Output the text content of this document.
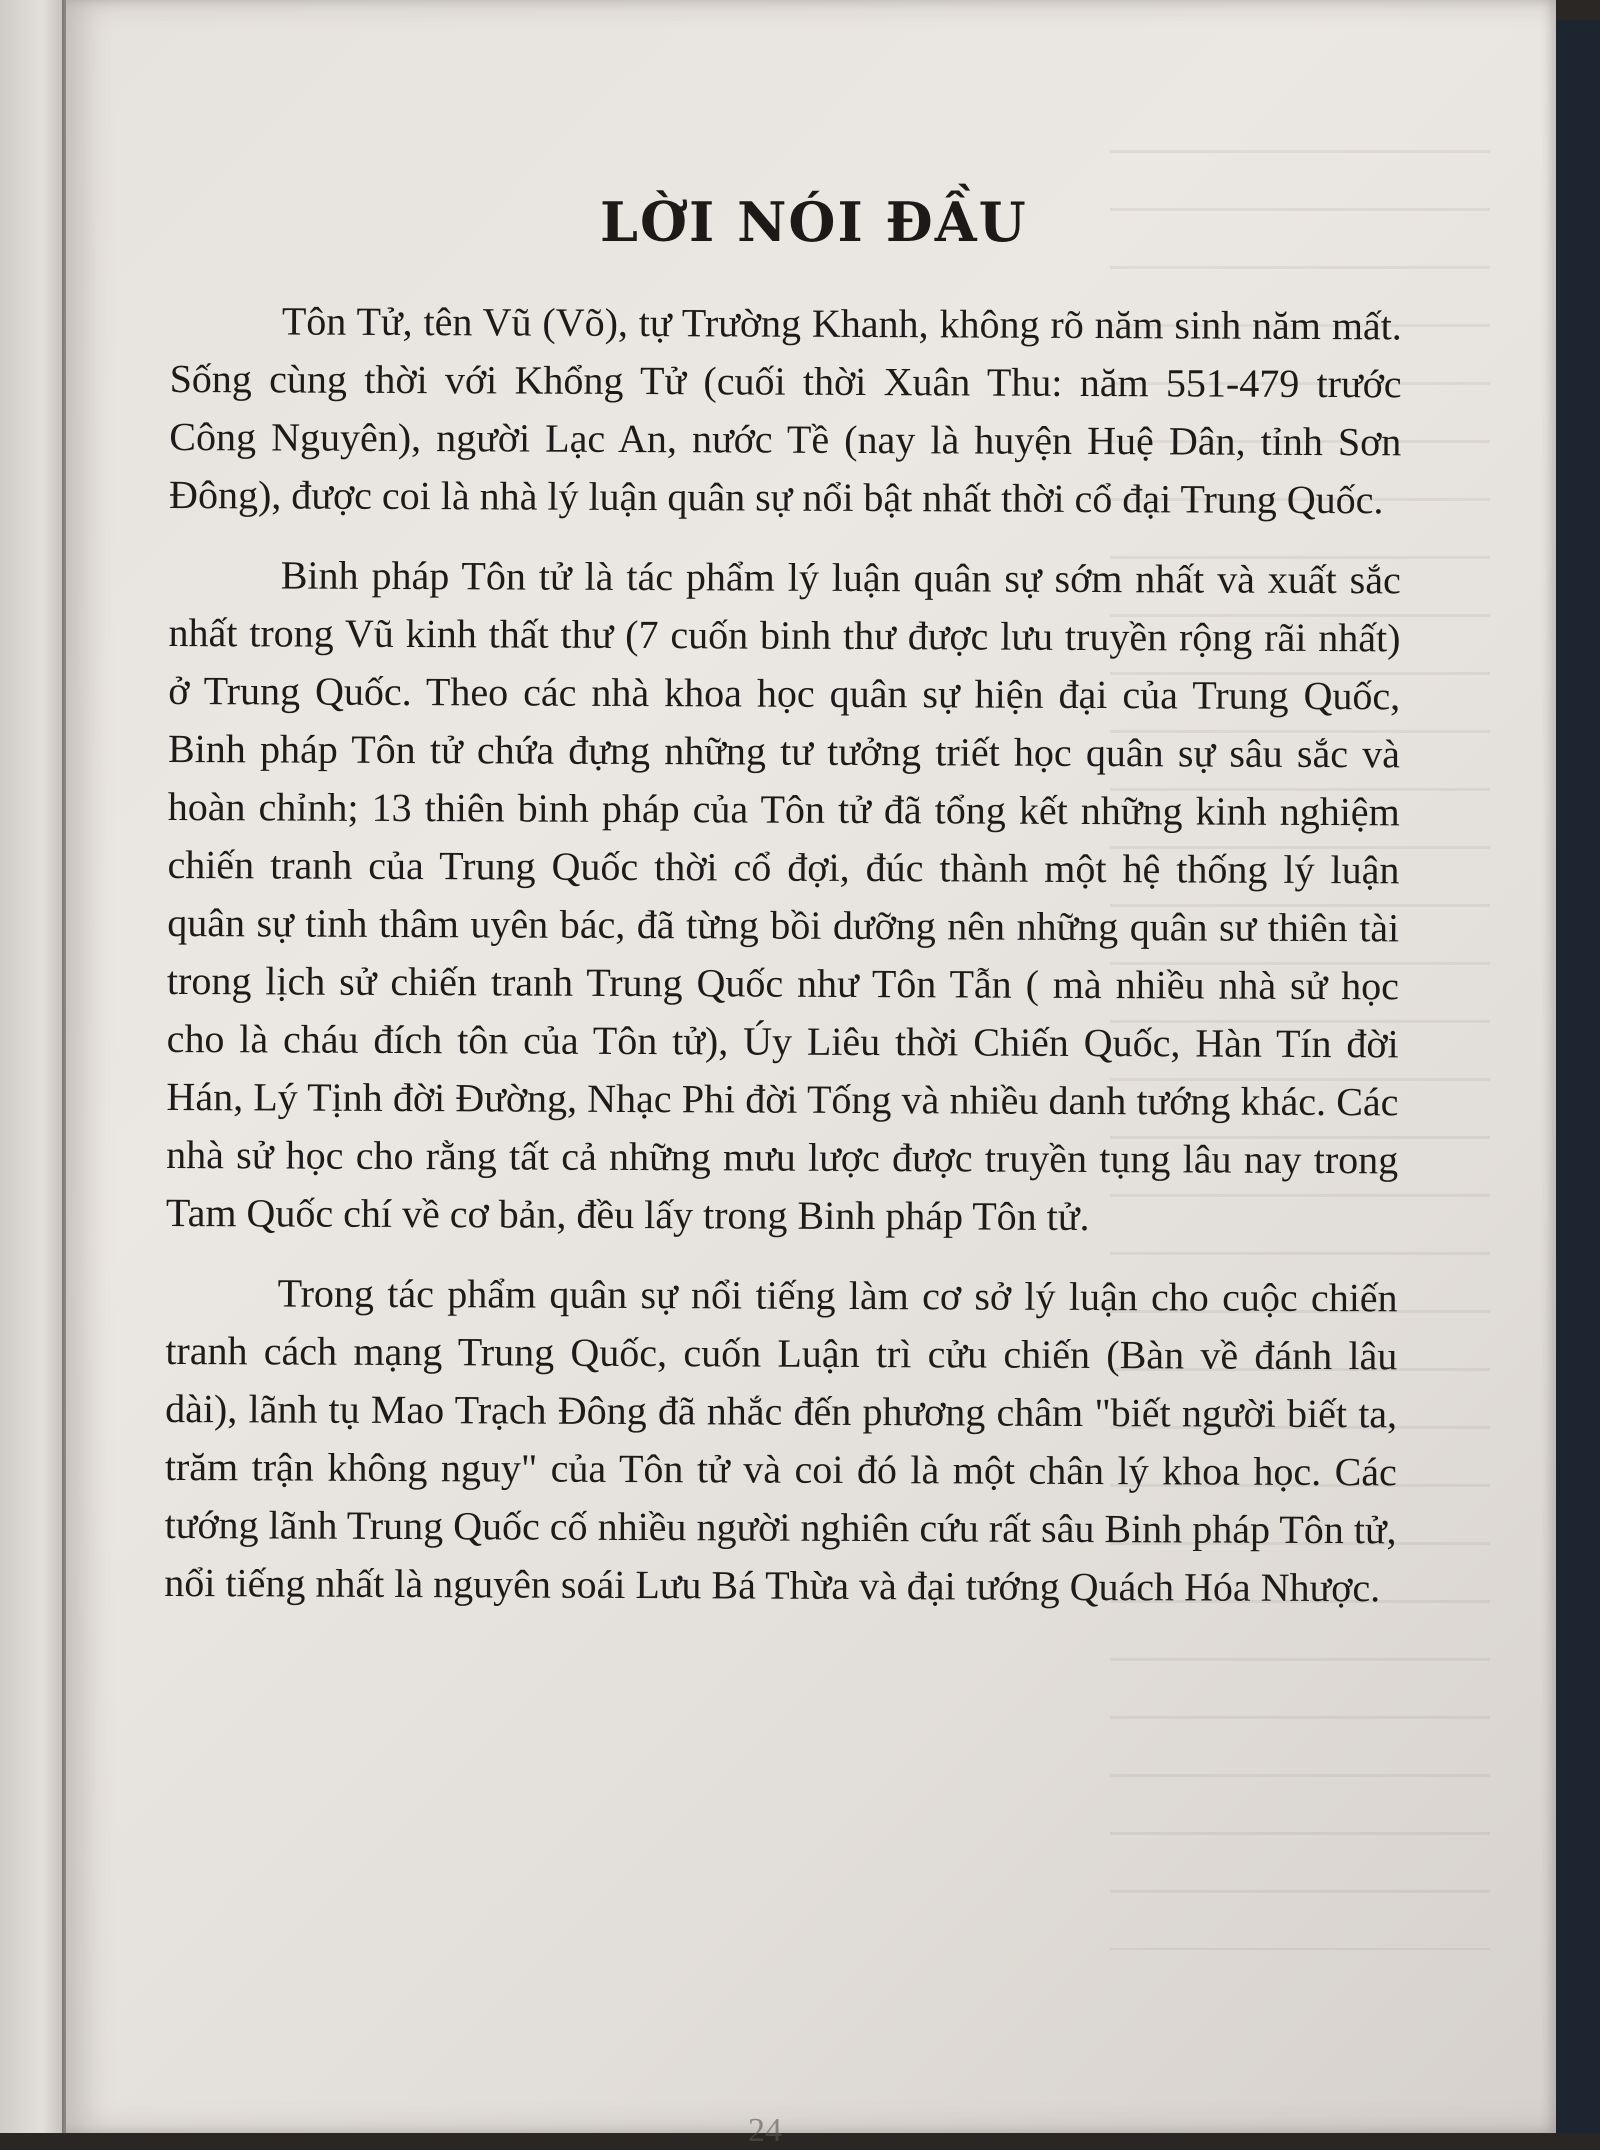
LỜI NÓI ĐẦU

Tôn Tử, tên Vũ (Võ), tự Trường Khanh, không rõ năm sinh năm mất. Sống cùng thời với Khổng Tử (cuối thời Xuân Thu: năm 551-479 trước Công Nguyên), người Lạc An, nước Tề (nay là huyện Huệ Dân, tỉnh Sơn Đông), được coi là nhà lý luận quân sự nổi bật nhất thời cổ đại Trung Quốc.

Binh pháp Tôn tử là tác phẩm lý luận quân sự sớm nhất và xuất sắc nhất trong Vũ kinh thất thư (7 cuốn binh thư được lưu truyền rộng rãi nhất) ở Trung Quốc. Theo các nhà khoa học quân sự hiện đại của Trung Quốc, Binh pháp Tôn tử chứa đựng những tư tưởng triết học quân sự sâu sắc và hoàn chỉnh; 13 thiên binh pháp của Tôn tử đã tổng kết những kinh nghiệm chiến tranh của Trung Quốc thời cổ đợi, đúc thành một hệ thống lý luận quân sự tinh thâm uyên bác, đã từng bồi dưỡng nên những quân sư thiên tài trong lịch sử chiến tranh Trung Quốc như Tôn Tẫn ( mà nhiều nhà sử học cho là cháu đích tôn của Tôn tử), Úy Liêu thời Chiến Quốc, Hàn Tín đời Hán, Lý Tịnh đời Đường, Nhạc Phi đời Tống và nhiều danh tướng khác. Các nhà sử học cho rằng tất cả những mưu lược được truyền tụng lâu nay trong Tam Quốc chí về cơ bản, đều lấy trong Binh pháp Tôn tử.

Trong tác phẩm quân sự nổi tiếng làm cơ sở lý luận cho cuộc chiến tranh cách mạng Trung Quốc, cuốn Luận trì cửu chiến (Bàn về đánh lâu dài), lãnh tụ Mao Trạch Đông đã nhắc đến phương châm "biết người biết ta, trăm trận không nguy" của Tôn tử và coi đó là một chân lý khoa học. Các tướng lãnh Trung Quốc cố nhiều người nghiên cứu rất sâu Binh pháp Tôn tử, nổi tiếng nhất là nguyên soái Lưu Bá Thừa và đại tướng Quách Hóa Nhược.

24
